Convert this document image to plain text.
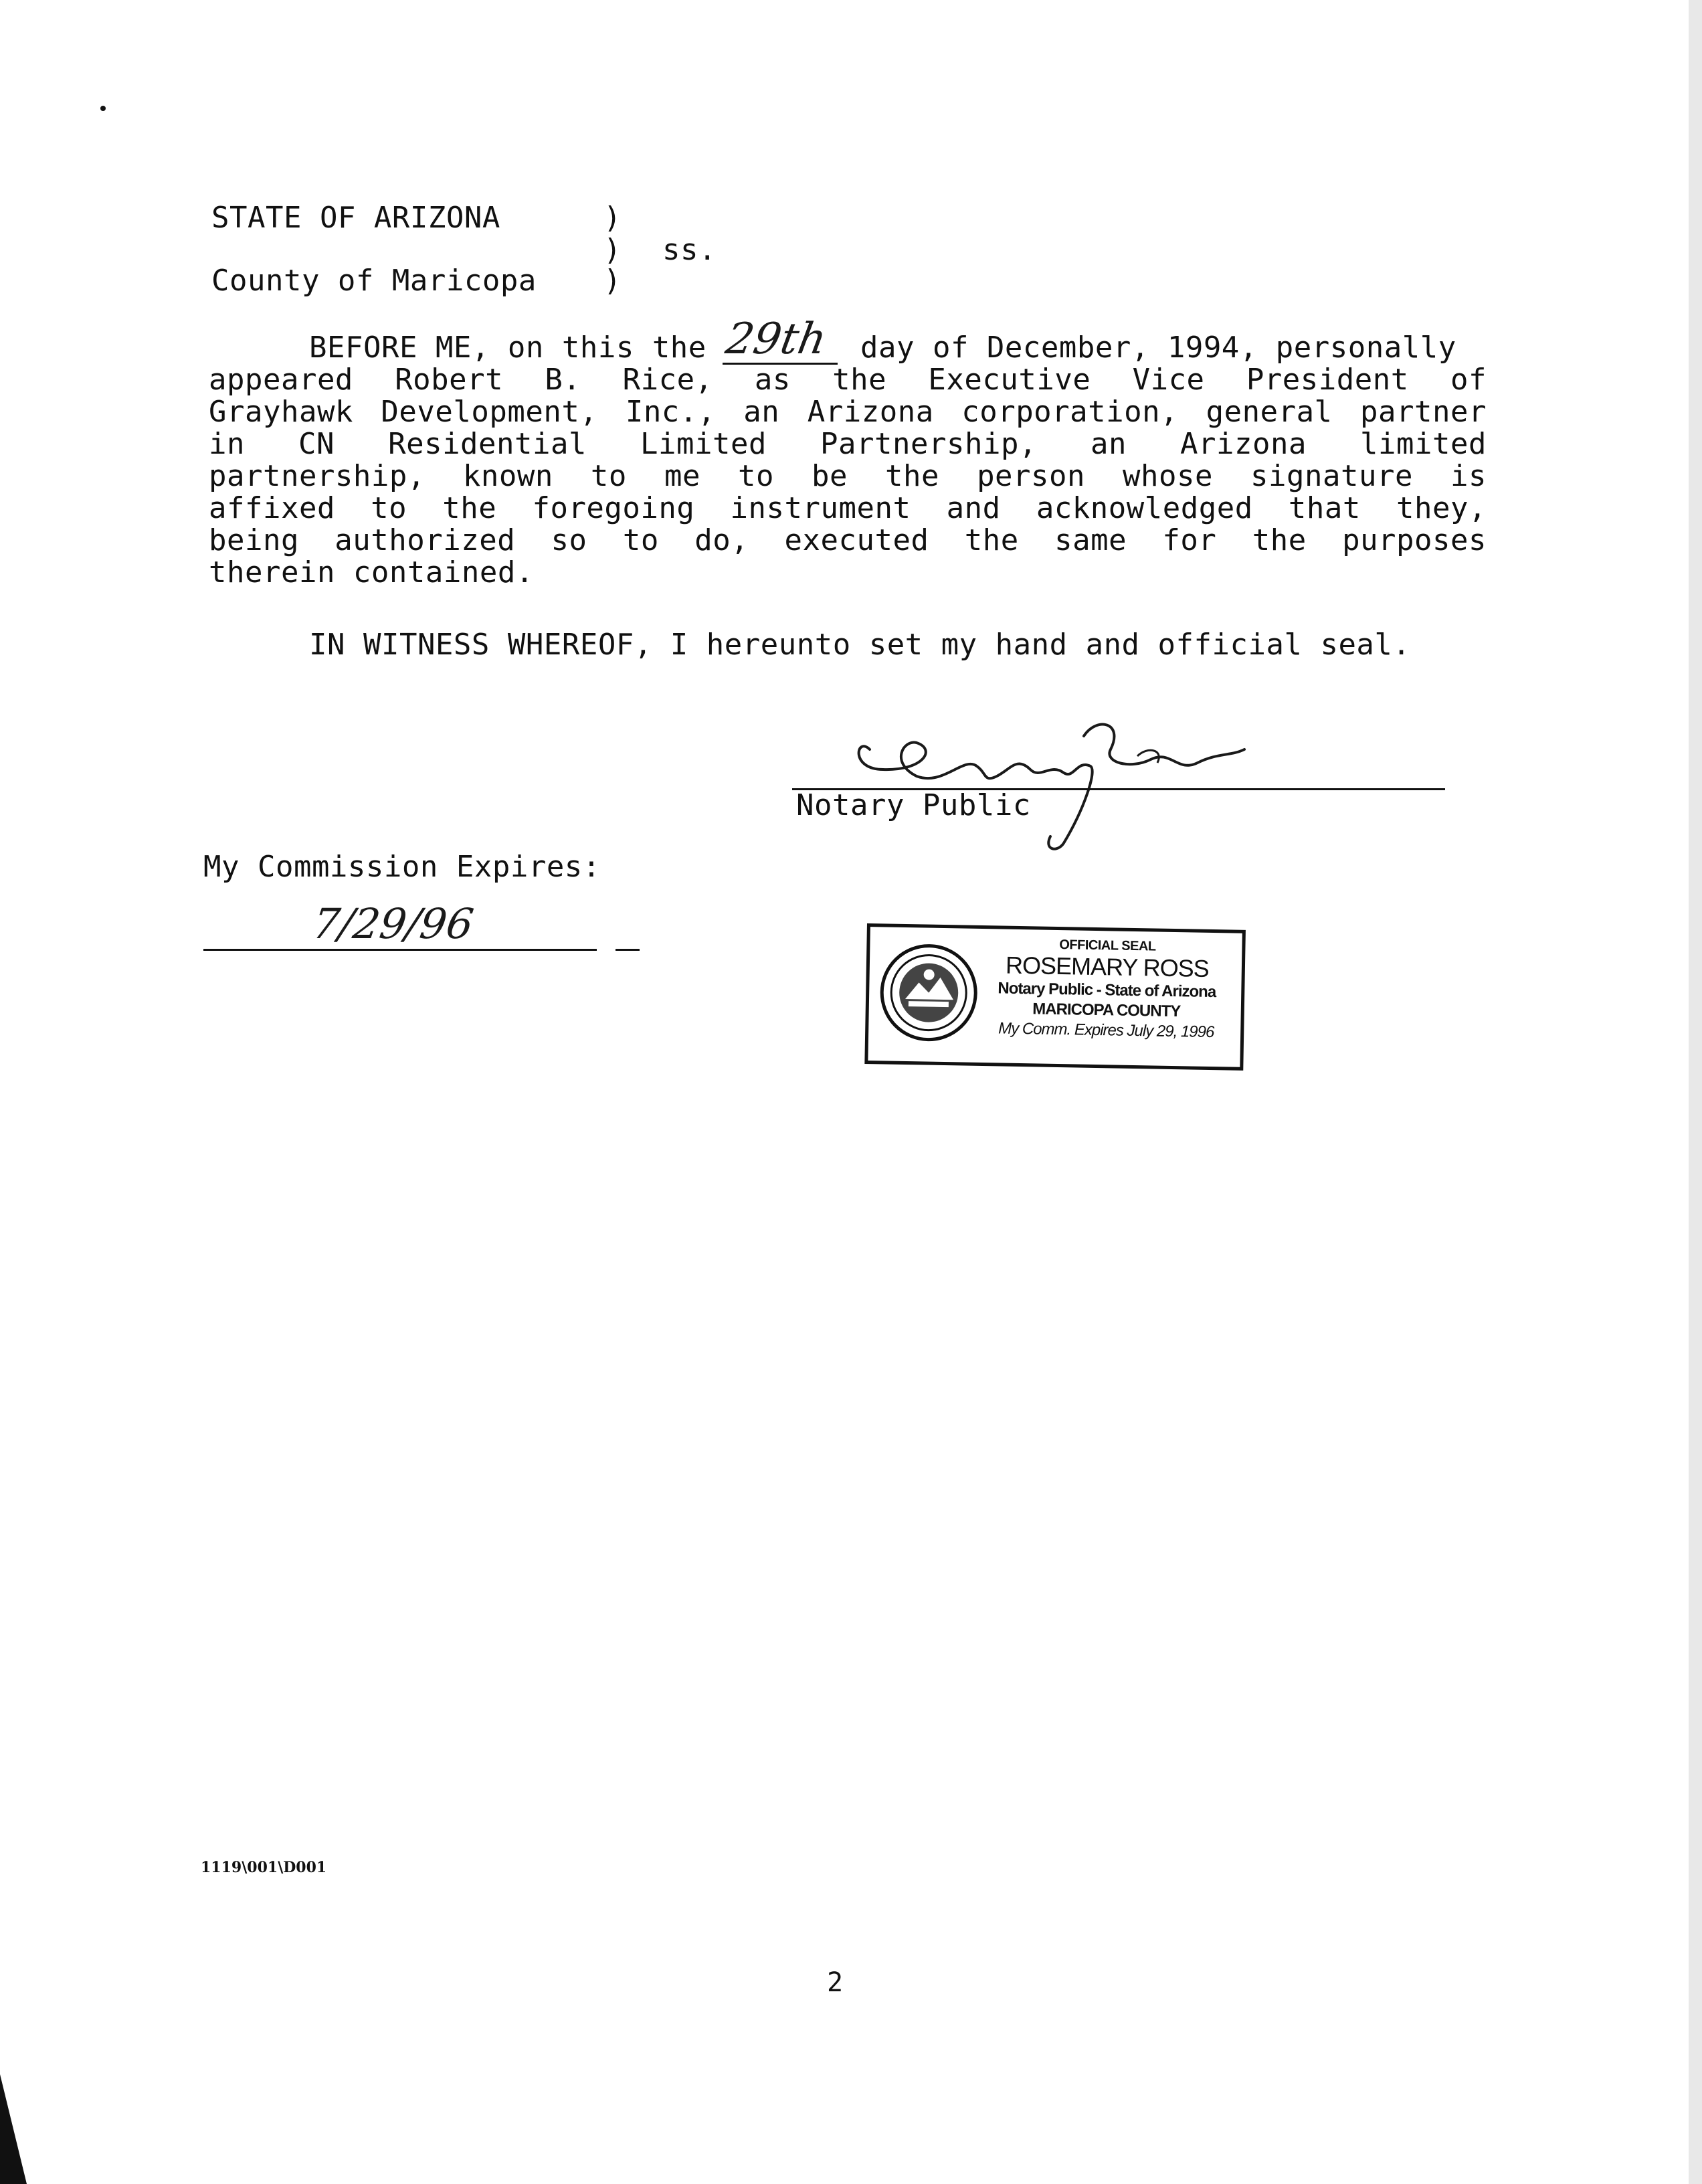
STATE OF ARIZONA	)
) ss.
County of Maricopa )
BEFORE ME, on this the 29th day of December, 1994, personally
appeared Robert B. Rice, as the Executive Vice President of
Grayhawk Development, Inc., an Arizona corporation, general partner
in CN Residential Limited Partnership, an Arizona limited
partnership, known to me to be the person whose signature is
affixed to the foregoing instrument and acknowledged that they,
being authorized so to do, executed the same for the purposes
therein contained.
IN WITNESS WHEREOF, I hereunto set my hand and official seal.
Notary Public
My Commission Expires:
7/29/96	OFFICIAL SEAL
ROSEMARY ROSS
Notary Public - State of Arizona
MARICOPA COUNTY
My Comm. Expires July 29, 1996
1119\001\D001
2
